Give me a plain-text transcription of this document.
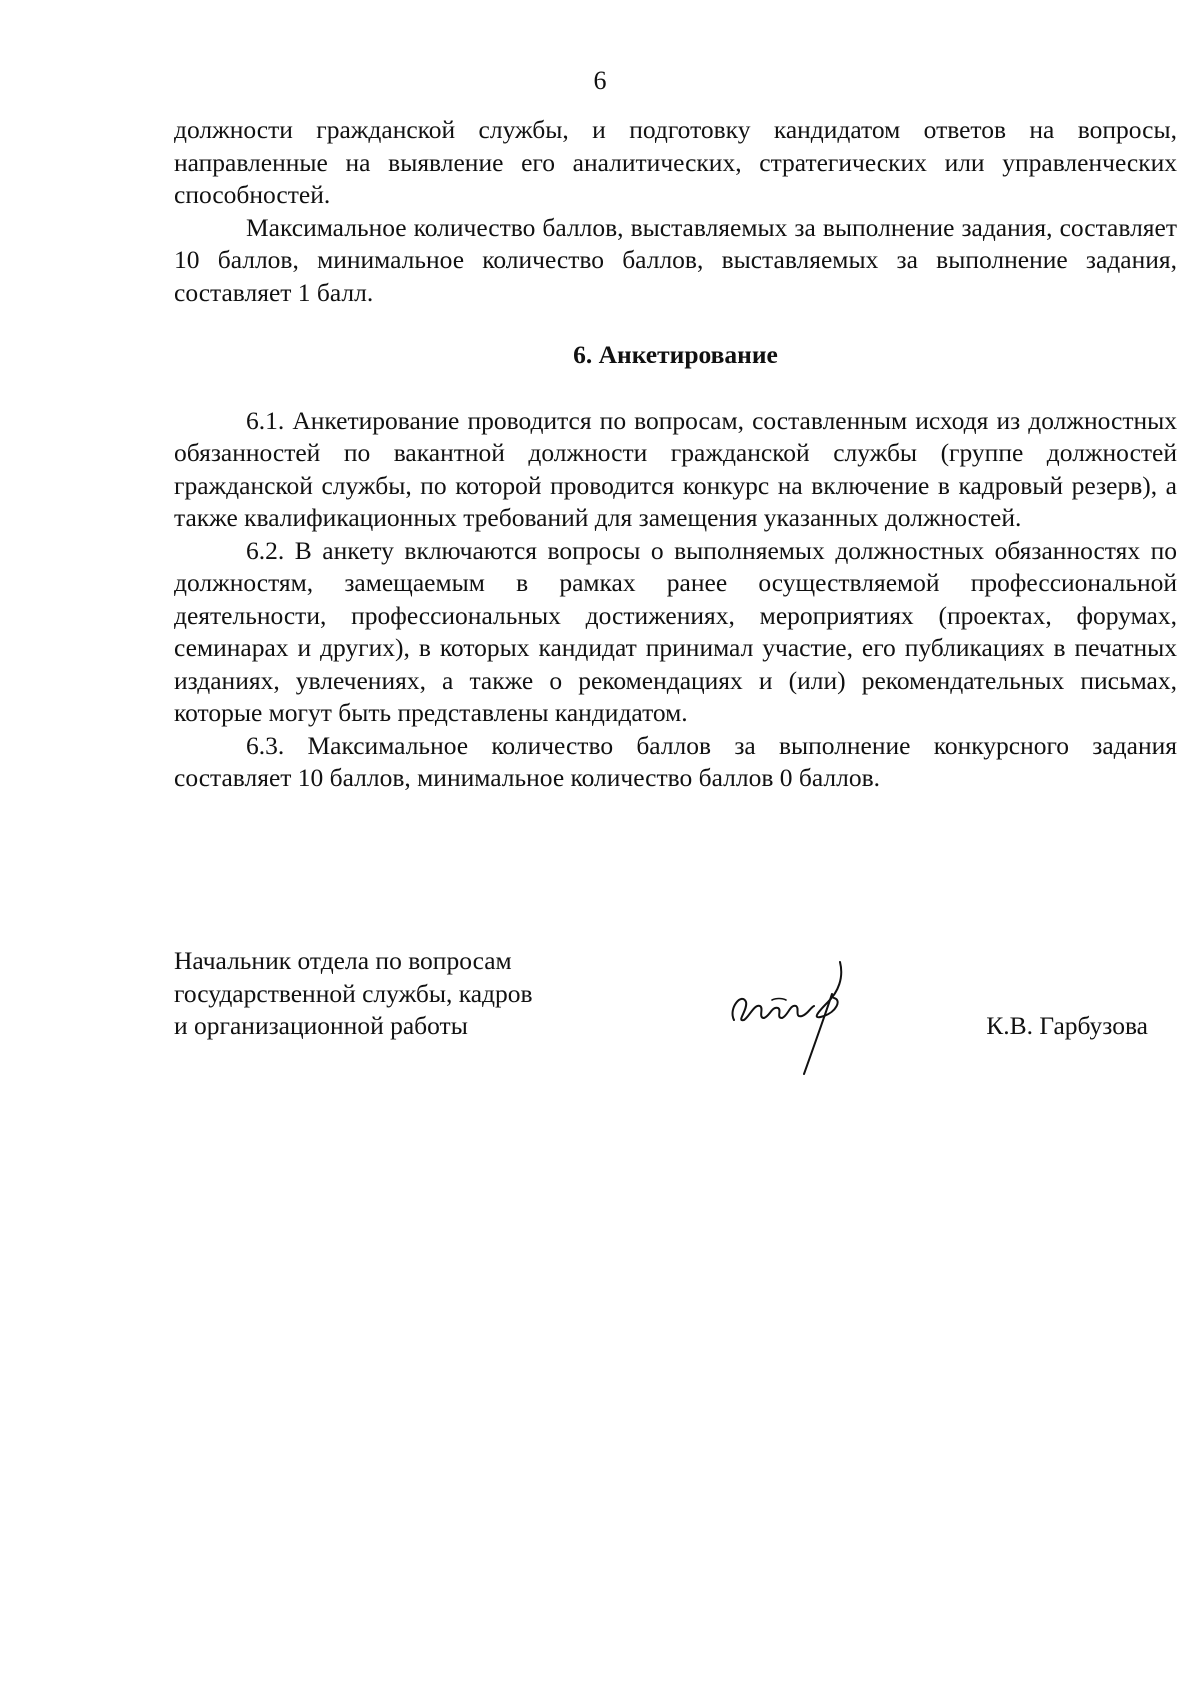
6

должности гражданской службы, и подготовку кандидатом ответов на вопросы, направленные на выявление его аналитических, стратегических или управленческих способностей.

Максимальное количество баллов, выставляемых за выполнение задания, составляет 10 баллов, минимальное количество баллов, выставляемых за выполнение задания, составляет 1 балл.

6. Анкетирование

6.1. Анкетирование проводится по вопросам, составленным исходя из должностных обязанностей по вакантной должности гражданской службы (группе должностей гражданской службы, по которой проводится конкурс на включение в кадровый резерв), а также квалификационных требований для замещения указанных должностей.

6.2. В анкету включаются вопросы о выполняемых должностных обязанностях по должностям, замещаемым в рамках ранее осуществляемой профессиональной деятельности, профессиональных достижениях, мероприятиях (проектах, форумах, семинарах и других), в которых кандидат принимал участие, его публикациях в печатных изданиях, увлечениях, а также о рекомендациях и (или) рекомендательных письмах, которые могут быть представлены кандидатом.

6.3. Максимальное количество баллов за выполнение конкурсного задания составляет 10 баллов, минимальное количество баллов 0 баллов.

Начальник отдела по вопросам
государственной службы, кадров
и организационной работы	К.В. Гарбузова
